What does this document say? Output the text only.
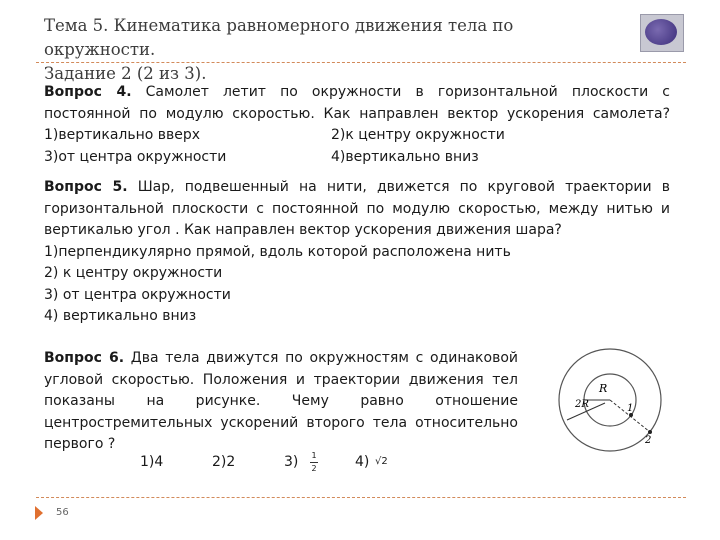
Тема 5. Кинематика равномерного движения тела по окружности.
Задание 2 (2 из 3).
Вопрос 4. Самолет летит по окружности в горизонтальной плоскости с
постоянной по модулю скоростью. Как направлен вектор ускорения самолета?
1)вертикально вверх	2)к центру окружности
3)от центра окружности	4)вертикально вниз
Вопрос 5. Шар, подвешенный на нити, движется по круговой траектории в
горизонтальной плоскости с постоянной по модулю скоростью, между нитью и
вертикалью угол . Как направлен вектор ускорения движения шара?
1)перпендикулярно прямой, вдоль которой расположена нить
2) к центру окружности
3) от центра окружности
4) вертикально вниз
Вопрос 6. Два тела движутся по окружностям с одинаковой
угловой скоростью. Положения и траектории движения тел
показаны на рисунке. Чему равно отношение
центростремительных ускорений второго тела относительно
первого ?
1)4	2)2	3) 1
2	4) √2
R
2R	1
2
56
